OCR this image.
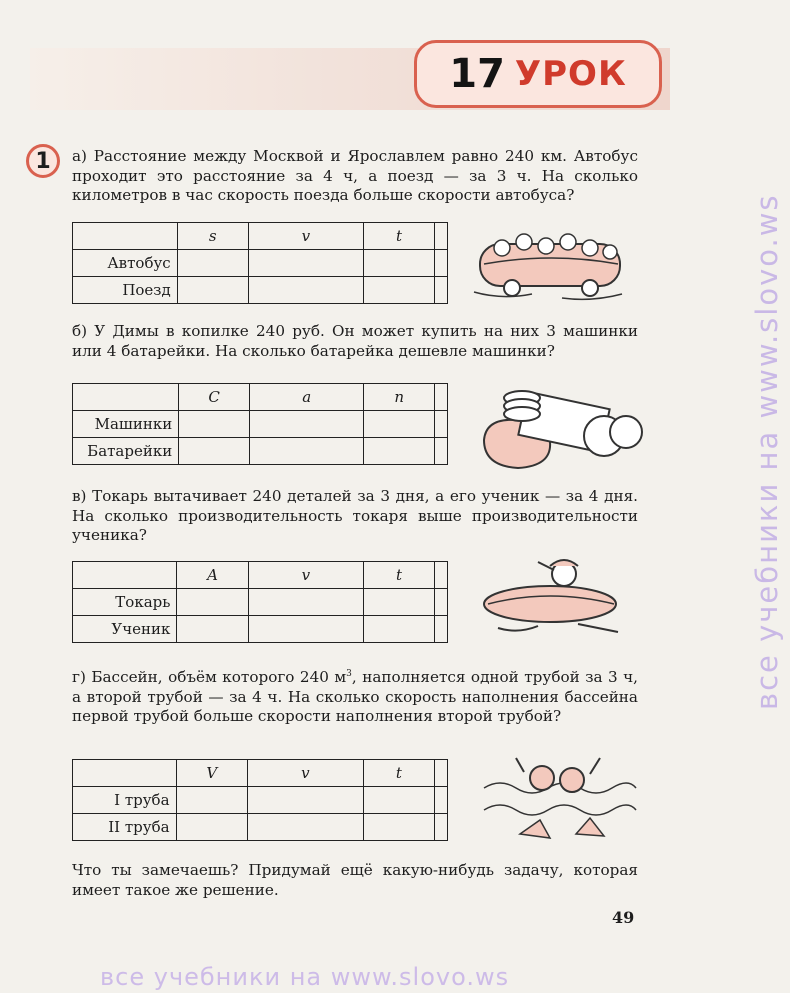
17 УРОК
1	а) Расстояние между Москвой и Ярославлем равно 240 км. Автобус проходит это расстояние за 4 ч, а поезд — за 3 ч. На сколько километров в час скорость поезда больше скорости автобуса?

	s	v	t	
Автобус				
Поезд				

б) У Димы в копилке 240 руб. Он может купить на них 3 машинки или 4 батарейки. На сколько батарейка дешевле машинки?

	C	a	n	
Машинки				
Батарейки				

в) Токарь вытачивает 240 деталей за 3 дня, а его ученик — за 4 дня. На сколько производительность токаря выше производительности ученика?

	A	v	t	
Токарь				
Ученик				

г) Бассейн, объём которого 240 $м^3$, наполняется одной трубой за 3 ч, а второй трубой — за 4 ч. На сколько скорость наполнения бассейна первой трубой больше скорости наполнения второй трубой?

	V	v	t	
I труба				
II труба				

Что ты замечаешь? Придумай ещё какую-нибудь задачу, которая имеет такое же решение.

49
все учебники на www.slovo.ws
все учебники на www.slovo.ws
